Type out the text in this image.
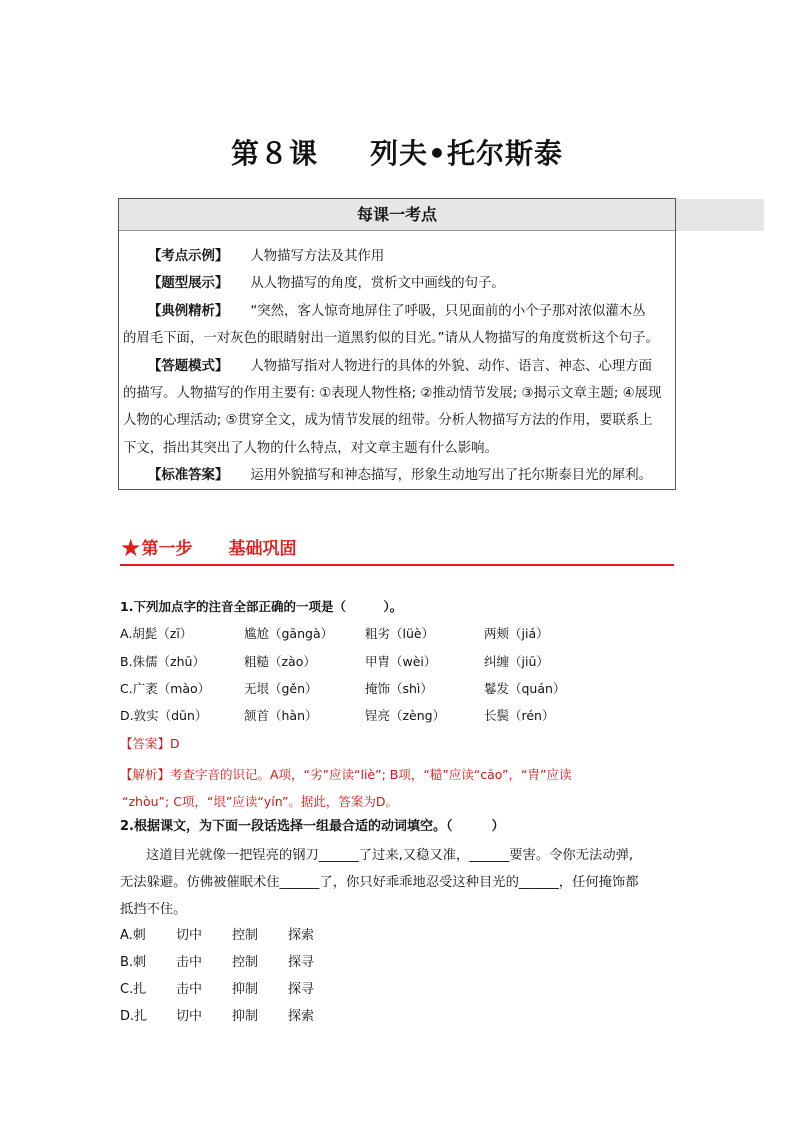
第８课 列夫•托尔斯泰
每课一考点

【考点示例】 人物描写方法及其作用

【题型展示】 从人物描写的角度，赏析文中画线的句子。

【典例精析】 “突然，客人惊奇地屏住了呼吸，只见面前的小个子那对浓似灌木丛

的眉毛下面，一对灰色的眼睛射出一道黑豹似的目光。”请从人物描写的角度赏析这个句子。

【答题模式】 人物描写指对人物进行的具体的外貌、动作、语言、神态、心理方面

的描写。人物描写的作用主要有: ①表现人物性格; ②推动情节发展; ③揭示文章主题; ④展现

人物的心理活动; ⑤贯穿全文，成为情节发展的纽带。分析人物描写方法的作用，要联系上

下文，指出其突出了人物的什么特点，对文章主题有什么影响。

【标准答案】 运用外貌描写和神态描写，形象生动地写出了托尔斯泰目光的犀利。

★第一步 基础巩固
1.下列加点字的注音全部正确的一项是（　　　）。
A.胡髭（zī）	尴尬（gāngà）	粗劣（lüè）	两颊（jiá）
B.侏儒（zhū）	粗糙（zào）	甲胄（wèi）	纠缠（jiū）
C.广袤（mào）	无垠（gěn）	掩饰（shì）	鬈发（quán）
D.敦实（dūn）	颔首（hàn）	锃亮（zèng）	长鬓（rén）
【答案】D

【解析】考查字音的识记。A项，“劣”应读“liè”; B项，“糙”应读“cāo”，“胄”应读

“zhòu”; C项，“垠”应读“yín”。据此，答案为D。

2.根据课文，为下面一段话选择一组最合适的动词填空。（　　　）

这道目光就像一把锃亮的钢刀______了过来,又稳又准，______要害。令你无法动弹,

无法躲避。仿佛被催眠术住______了，你只好乖乖地忍受这种目光的______，任何掩饰都

抵挡不住。

A.刺 切中 控制 探索
B.刺 击中 控制 探寻
C.扎 击中 抑制 探寻
D.扎 切中 抑制 探索
